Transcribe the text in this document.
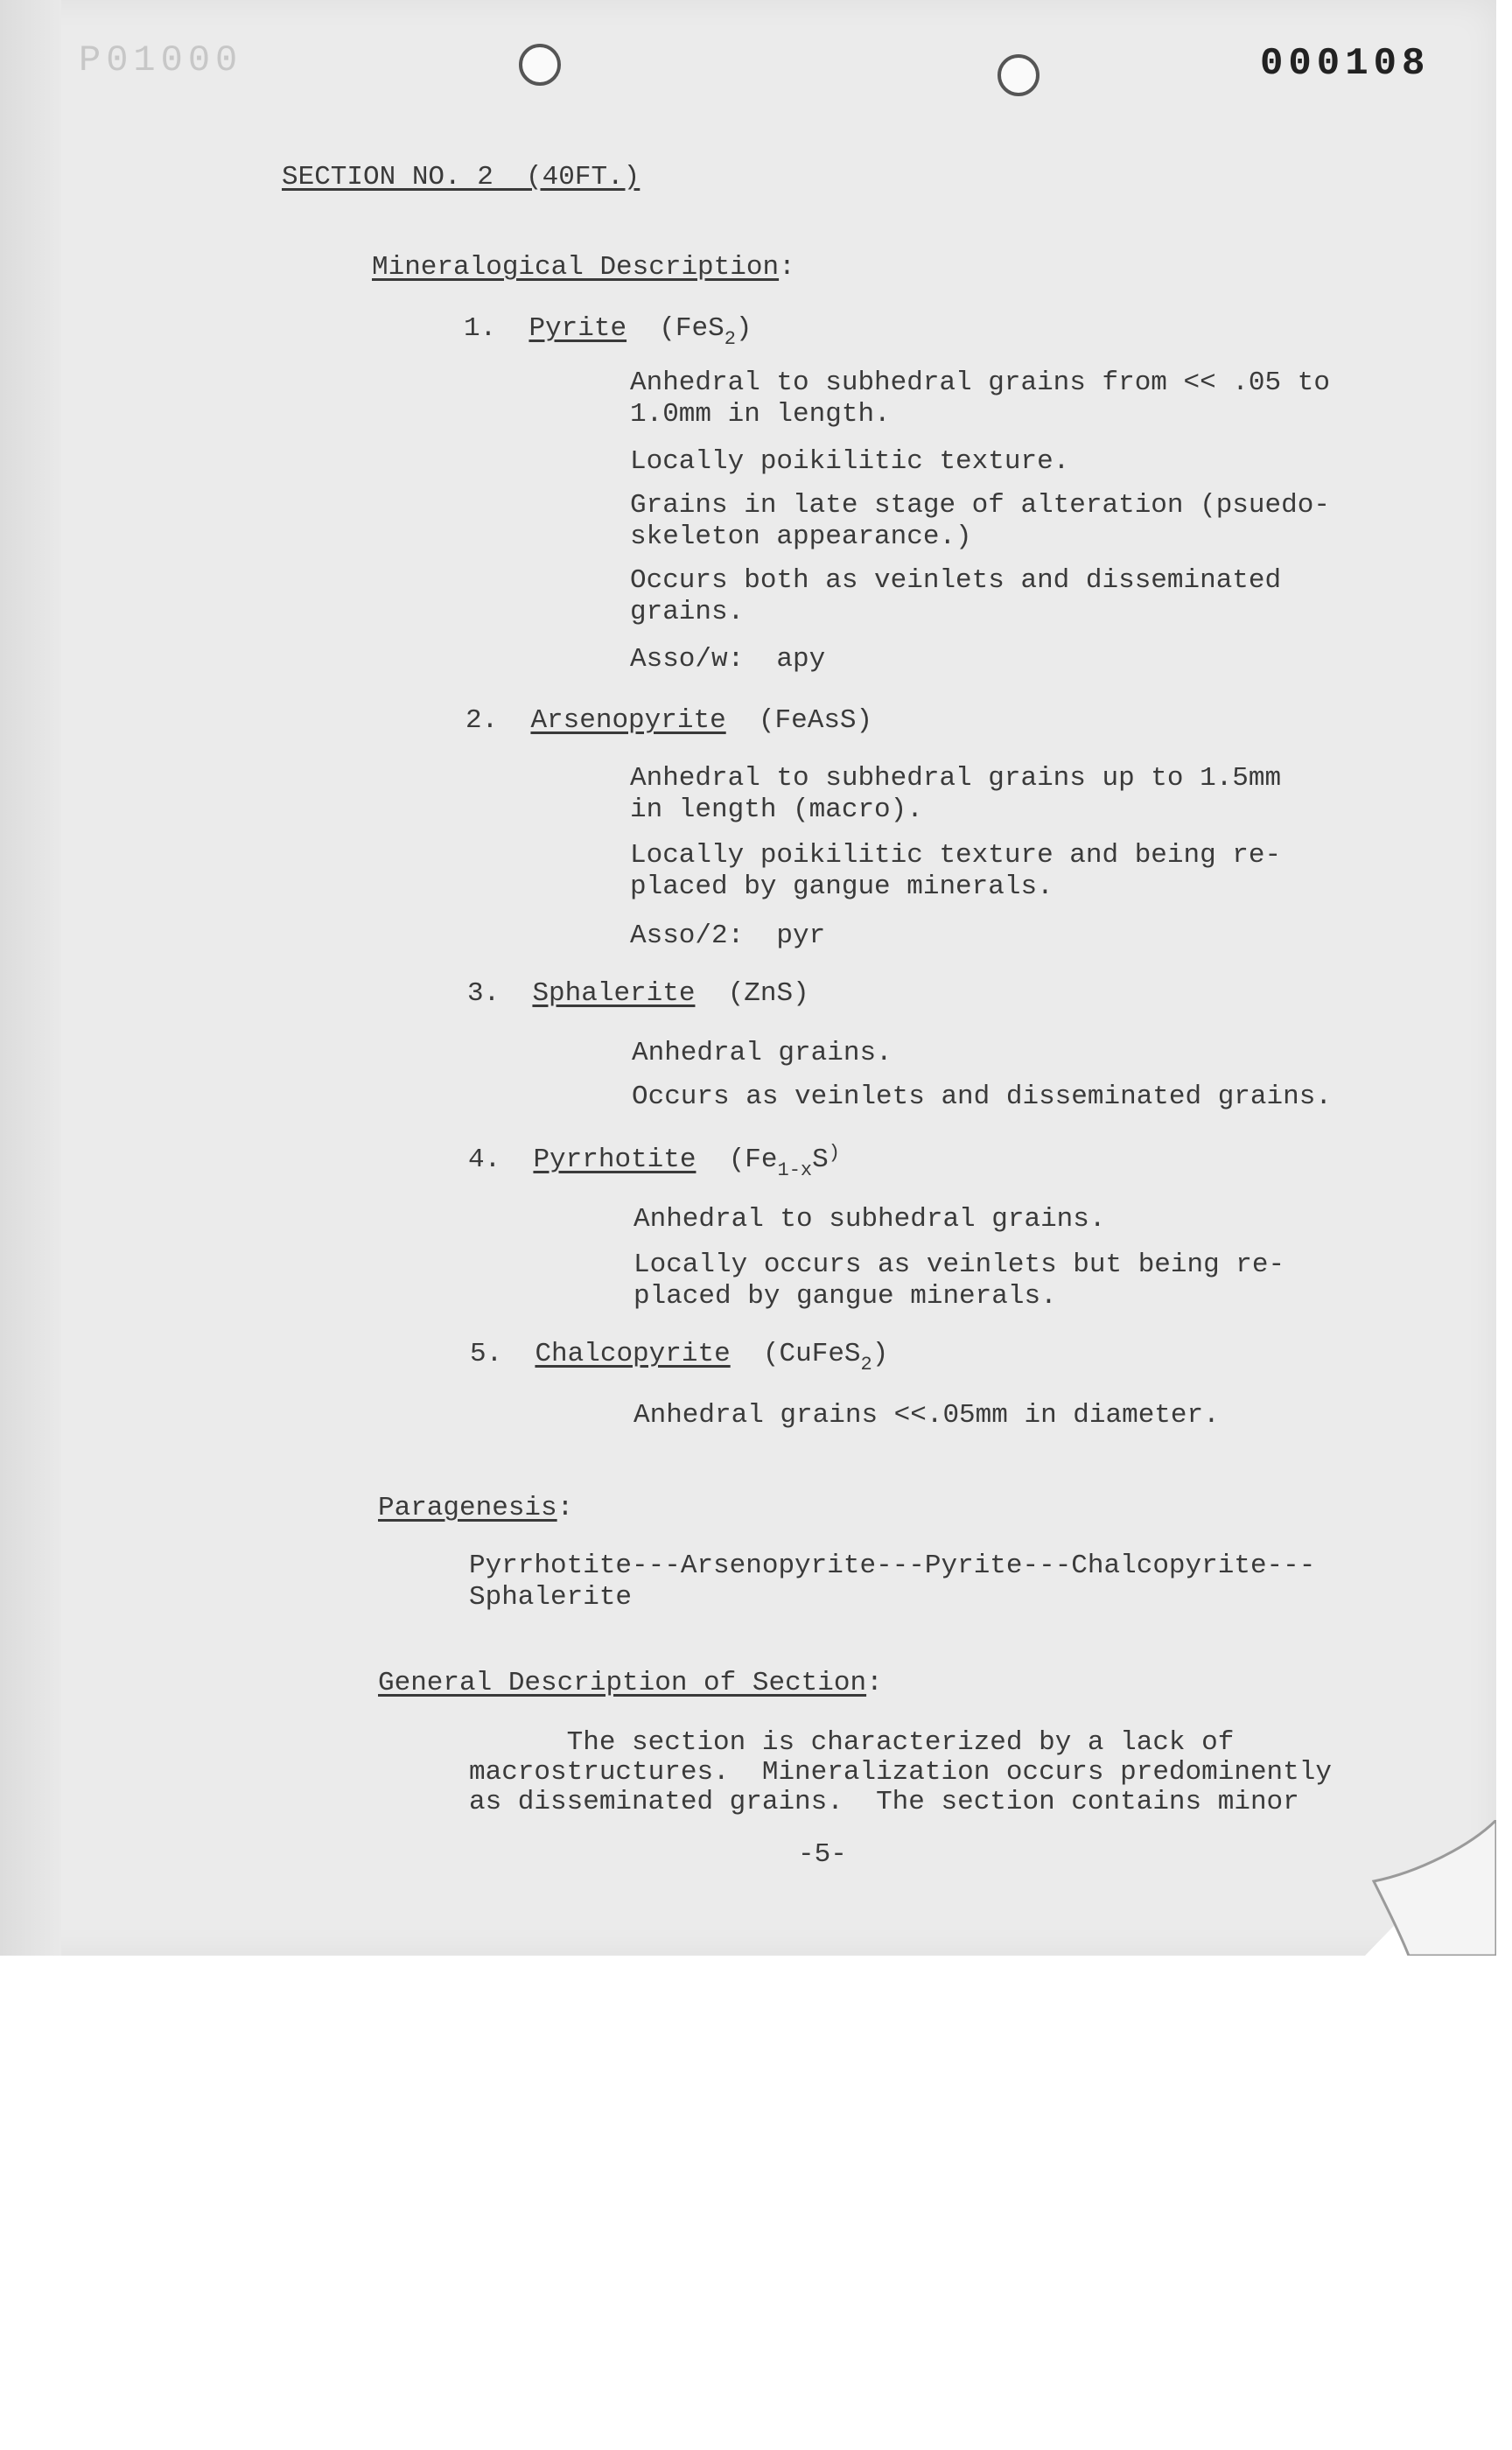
P01000	000108
SECTION NO. 2  (40FT.)
Mineralogical Description:
1. Pyrite (FeS$_2$)
Anhedral to subhedral grains from << .05 to
1.0mm in length.
Locally poikilitic texture.
Grains in late stage of alteration (psuedo-
skeleton appearance.)
Occurs both as veinlets and disseminated
grains.
Asso/w:  apy
2. Arsenopyrite (FeAsS)
Anhedral to subhedral grains up to 1.5mm
in length (macro).
Locally poikilitic texture and being re-
placed by gangue minerals.
Asso/2:  pyr
3. Sphalerite (ZnS)
Anhedral grains.
Occurs as veinlets and disseminated grains.
4. Pyrrhotite ($Fe_{1-x}S^)$
Anhedral to subhedral grains.
Locally occurs as veinlets but being re-
placed by gangue minerals.
5. Chalcopyrite (CuFeS$_2$)
Anhedral grains <<.05mm in diameter.
Paragenesis:
Pyrrhotite---Arsenopyrite---Pyrite---Chalcopyrite---
Sphalerite
General Description of Section:
The section is characterized by a lack of
macrostructures.  Mineralization occurs predominently
as disseminated grains.  The section contains minor
-5-
